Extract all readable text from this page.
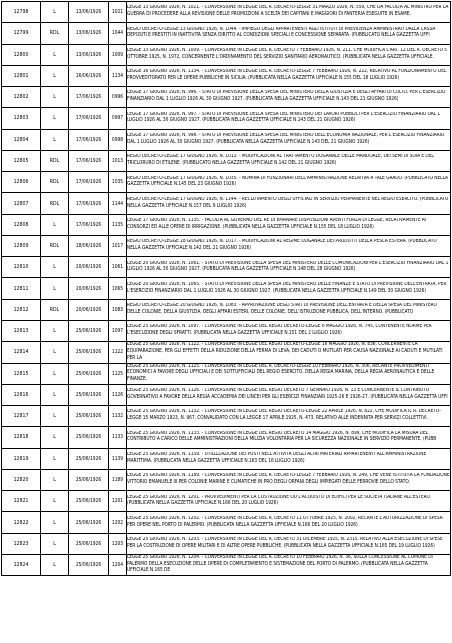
12798	L	13/06/1926	1021	LEGGE 13 GIUGNO 1926, N. 1021. - CONVERSIONE IN LEGGE DEL R. DECRETO-LEGGE 31 MARZO 1926, N. 559, CHE DA FACOLTA AL MINISTRO PER LA GUERRA DI PROCEDERE ALLA REVISIONE DELLE PROMOZIONI A SCELTA DEI CAPITANI E MAGGIORI DI FANTERIA ESEGUITE IN ESAME.

12799	RDL	13/06/1926	1044	REGIO DECRETO-LEGGE 13 GIUGNO 1926, N. 1044. - IMPIEGO DEGLI APPARTENENTI AGLI ISTITUTI DI PREVIDENZA AMMINISTRATI DALLA CASSA DEPOSITI E PRESTITI IN INATTIVITA SENZA DIRITTO AL CONDIZIONI SPECIALI E CONCESSIONE SEPARATA. (PUBBLICATO NELLA GAZZETTA UFFI

12800	L	13/06/1926	1009	LEGGE 13 GIUGNO 1926, N. 1009. - CONVERSIONE IN LEGGE DEL R. DECRETO 7 FEBBRAIO 1926, N. 211, CHE MODIFICA L'ART. 12 DEL R. DECRETO 5 OTTOBRE 1925, N. 1972, CONCERNENTE L'ORDINAMENTO DEL SERVIZIO SANITARIO AERONAUTICO. (PUBBLICATA NELLA GAZZETTA UFFICIALE.

12801	L	16/06/1926	1134	LEGGE 16 GIUGNO 1926, N. 1134. - CONVERSIONE IN LEGGE DEL R. DECRETO-LEGGE 7 FEBBRAIO 1926, N. 222, RELATIVO AL FUNZIONAMENTO DEL PROVVEDITORATO PER LE OPERE PUBBLICHE IN SICILIA. (PUBBLICATA NELLA GAZZETTA UFFICIALE N.155 DEL 18 LUGLIO 1926)

12802	L	17/06/1926	0996	LEGGE 17 GIUGNO 1926, N. 996. - STATO DI PREVISIONE DELLA SPESA DEL MINISTERO DELLA GIUSTIZIA E DEGLI AFFARI DI CULTO, PER L'ESERCIZIO FINANZIARIO DAL 1 LUGLIO 1926 AL 30 GIUGNO 1927. (PUBBLICATA NELLA GAZZETTA UFFICIALE N.143 DEL 21 GIUGNO 1926)

12803	L	17/06/1926	0997	LEGGE 17 GIUGNO 1926, N. 997. - STATO DI PREVISIONE DELLA SPESA DEL MINISTERO DEI LAVORI PUBBLICI PER L'ESERCIZIO FINANZIARIO DAL 1 LUGLIO 1926 AL 30 GIUGNO 1927. (PUBBLICATA NELLA GAZZETTA UFFICIALE N.143 DEL 21 GIUGNO 1926)

12804	L	17/06/1926	0998	LEGGE 17 GIUGNO 1926, N. 998. - STATO DI PREVISIONE DELLA SPESA DEL MINISTERO DELL'ECONOMIA NAZIONALE, PER L'ESERCIZIO FINANZIARIO DAL 1 LUGLIO 1926 AL 30 GIUGNO 1927. (PUBBLICATA NELLA GAZZETTA UFFICIALE N.143 DEL 21 GIUGNO 1926)

12805	RDL	17/06/1926	1013	REGIO DECRETO-LEGGE 17 GIUGNO 1926, N. 1013. - MODIFICAZIONI AL TRATTAMENTO DOGANALE DELLE MANDORLE, DEI SEMI DI SOIA E DEL TRICLORURO DI ETILENE. (PUBBLICATO NELLA GAZZETTA UFFICIALE N.142 DEL 21 GIUGNO 1926)

12806	RDL	17/06/1926	1035	REGIO DECRETO-LEGGE 17 GIUGNO 1926, N. 1035. - NOMINA DI FUNZIONARI DELL'AMMINISTRAZIONE RELATIVA A TALE GRADO. (PUBBLICATO NELLA GAZZETTA UFFICIALE N.145 DEL 23 GIUGNO 1926)

12807	RDL	17/06/1926	1144	REGIO DECRETO-LEGGE 17 GIUGNO 1926, N. 1144. - RECLUTAMENTO DEGLI UFFICIALI IN SERVIZIO PERMANENTE NEL REGIO ESERCITO. (PUBBLICATO NELLA GAZZETTA UFFICIALE N.157 DEL 9 LUGLIO 1926)

12808	L	17/06/1926	1135	LEGGE 17 GIUGNO 1926, N. 1135. - FACOLTA AL GOVERNO DEL RE DI EMANARE DISPOSIZIONI AVENTI FORZA DI LEGGE, RELATIVAMENTE AI CONSORZI ED ALLE OPERE DI IRRIGAZIONE. (PUBBLICATA NELLA GAZZETTA UFFICIALE N.155 DEL 18 LUGLIO 1926)

12809	RDL	18/06/1926	1017	REGIO DECRETO-LEGGE 18 GIUGNO 1926, N. 1017. - MODIFICAZIONI AL REGIME DOGANALE DEI PRODOTTI DELLA PESCA ESTERA. (PUBBLICATO NELLA GAZZETTA UFFICIALE N.142 DEL 21 GIUGNO 1926)

12810	L	20/06/1926	1061	LEGGE 20 GIUGNO 1926, N. 1061. - STATO DI PREVISIONE DELLA SPESA DEL MINISTERO DELLE COMUNICAZIONI PER L'ESERCIZIO FINANZIARIO DAL 1 LUGLIO 1926 AL 30 GIUGNO 1927. (PUBBLICATA NELLA GAZZETTA UFFICIALE N.148 DEL 28 GIUGNO 1926)

12811	L	20/06/1926	1065	LEGGE 20 GIUGNO 1926, N. 1065. - STATO DI PREVISIONE DELLA SPESA DEL MINISTERO DELLE FINANZE E STATO DI PREVISIONE DELL'ENTRATA, PER L'ESERCIZIO FINANZIARIO DAL 1 LUGLIO 1926 AL 30 GIUGNO 1927. (PUBBLICATA NELLA GAZZETTA UFFICIALE N.149 DEL 30 GIUGNO 1926)

12812	RDL	20/06/1926	1083	REGIO DECRETO-LEGGE 20 GIUGNO 1926, N. 1083. - APPROVAZIONE DEGLI STATI DI PREVISIONE DELL'ENTRATA E DELLA SPESA DEL MINISTERO DELLE COLONIE, DELLA GIUSTIZIA, DEGLI AFFARI ESTERI, DELLE COLONIE, DELL'ISTRUZIONE PUBBLICA, DELL'INTERNO. (PUBBLICATO

12813	L	25/06/1926	1097	LEGGE 25 GIUGNO 1926, N. 1097. - CONVERSIONE IN LEGGE DEL REGIO DECRETO-LEGGE 6 MAGGIO 1926, N. 745, CONTENENTE NORME PER L'ESECUZIONE DEGLI SFRATTI. (PUBBLICATA NELLA GAZZETTA UFFICIALE N.151 DEL 2 LUGLIO 1926)

12814	L	25/06/1926	1122	LEGGE 25 GIUGNO 1926, N. 1122. - CONVERSIONE IN LEGGE DEL REGIO DECRETO-LEGGE 16 MAGGIO 1926, N. 836, CONCERNENTE LA EQUIPARAZIONE, PER GLI EFFETTI DELLA RIDUZIONE DELLA FERMA DI LEVA, DEI CADUTI O MUTILATI PER CAUSA NAZIONALE AI CADUTI E MUTILATI PER LA

12815	L	25/06/1926	1125	LEGGE 25 GIUGNO 1926, N. 1125. - CONVERSIONE IN LEGGE DEL R. DECRETO-LEGGE 10 FEBBRAIO 1926, N. 306, RECANTE PROVVEDIMENTI ECONOMICI A FAVORE DEGLI UFFICIALI E DEI SOTTUFFICIALI DEL REGIO ESERCITO, DELLA REGIA MARINA, DELLA REGIA AERONAUTICA E DELLE FINANZE.

12816	L	25/06/1926	1126	LEGGE 25 GIUGNO 1926, N. 1126. - CONVERSIONE IN LEGGE DEL REGIO DECRETO 7 GENNAIO 1926, N. 13 E CONCERNENTE IL CONTRIBUTO GOVERNATIVO A FAVORE DELLA REGIA ACCADEMIA DEI LINCEI PER GLI ESERCIZI FINANZIARI 1925-26 E 1926-27. (PUBBLICATA NELLA GAZZETTA UFFI

12817	L	25/06/1926	1132	LEGGE 25 GIUGNO 1926, N. 1132. - CONVERSIONE IN LEGGE DEL REGIO DECRETO-LEGGE 22 APRILE 1926, N. 822, CHE MODIFICA IL R. DECRETO-LEGGE 15 MARZO 1923, N. 967, CONVALIDATO CON LA LEGGE 17 APRILE 1925, N. 473, RELATIVO ALLE INDENNITA PER SERVIZI COLLETTIVI.

12818	L	25/06/1926	1133	LEGGE 25 GIUGNO 1926, N. 1133. - CONVERSIONE IN LEGGE DEL REGIO DECRETO 14 MAGGIO 1926, N. 899, CHE MODIFICA LA MISURA DEL CONTRIBUTO A CARICO DELLE AMMINISTRAZIONI DELLA MILIZIA VOLONTARIA PER LA SICUREZZA NAZIONALE IN SERVIZIO PERMANENTE. (PUBB

12819	L	25/06/1926	1139	LEGGE 25 GIUGNO 1926, N. 1139. - UTILIZZAZIONE DEI POSTI NELL'ATTIVITA DEGLI ALTRI MATERIALI APPARTENENTI ALL'AMMINISTRAZIONE MARITTIMA. (PUBBLICATA NELLA GAZZETTA UFFICIALE N.163 DEL 16 LUGLIO 1926)

12820	L	25/06/1926	1189	LEGGE 25 GIUGNO 1926, N. 1189. - CONVERSIONE IN LEGGE DEL R. DECRETO-LEGGE 7 FEBBRAIO 1926, N. 249, CHE VENE ISTITUITA LA FONDAZIONE VITTORIO EMANUELE III PER COLONIE MARINE E CLIMATICHE IN PRO DEGLI ORFANI DEGLI IMPIEGATI DELLE FERROVIE DELLO STATO.

12821	L	25/06/1926	1201	LEGGE 25 GIUGNO 1926, N. 1201. - PROVVEDIMENTI PER LA COSTRUZIONE OD L'ACQUISTO DI EDIFICI PER LE SOCIETA ITALIANE ALL'ESTERO. (PUBBLICATA NELLA GAZZETTA UFFICIALE N.166 DEL 20 LUGLIO 1926)

12822	L	25/06/1926	1202	LEGGE 25 GIUGNO 1926, N. 1202. - CONVERSIONE IN LEGGE DEL R. DECRETO 11 OTTOBRE 1925, N. 2002, RECANTE L'AUTORIZZAZIONE DI SPESA PER OPERE NEL PORTO DI PALERMO. (PUBBLICATA NELLA GAZZETTA UFFICIALE N.166 DEL 20 LUGLIO 1926)

12823	L	25/06/1926	1203	LEGGE 25 GIUGNO 1926, N. 1203. - CONVERSIONE IN LEGGE DEL R. DECRETO 31 DICEMBRE 1925, N. 2315, RELATIVO ALLA ESECUZIONE DI SPESE PER LA COSTRUZIONE DI OPERE MILITARI E DI ALTRE OPERE PUBBLICHE. (PUBBLICATA NELLA GAZZETTA UFFICIALE N.165 DEL 19 LUGLIO 1926)

12824	L	25/06/1926	1204	LEGGE 25 GIUGNO 1926, N. 1204. - CONVERSIONE IN LEGGE DEL R. DECRETO 10 FEBBRAIO 1926, N. 36, SULLA CONCESSIONE AL COMUNE DI PALERMO DELLA ESECUZIONE DELLE OPERE DI COMPLETAMENTO E SISTEMAZIONE DEL PORTO DI PALERMO. (PUBBLICATA NELLA GAZZETTA UFFICIALE N.165 DE
